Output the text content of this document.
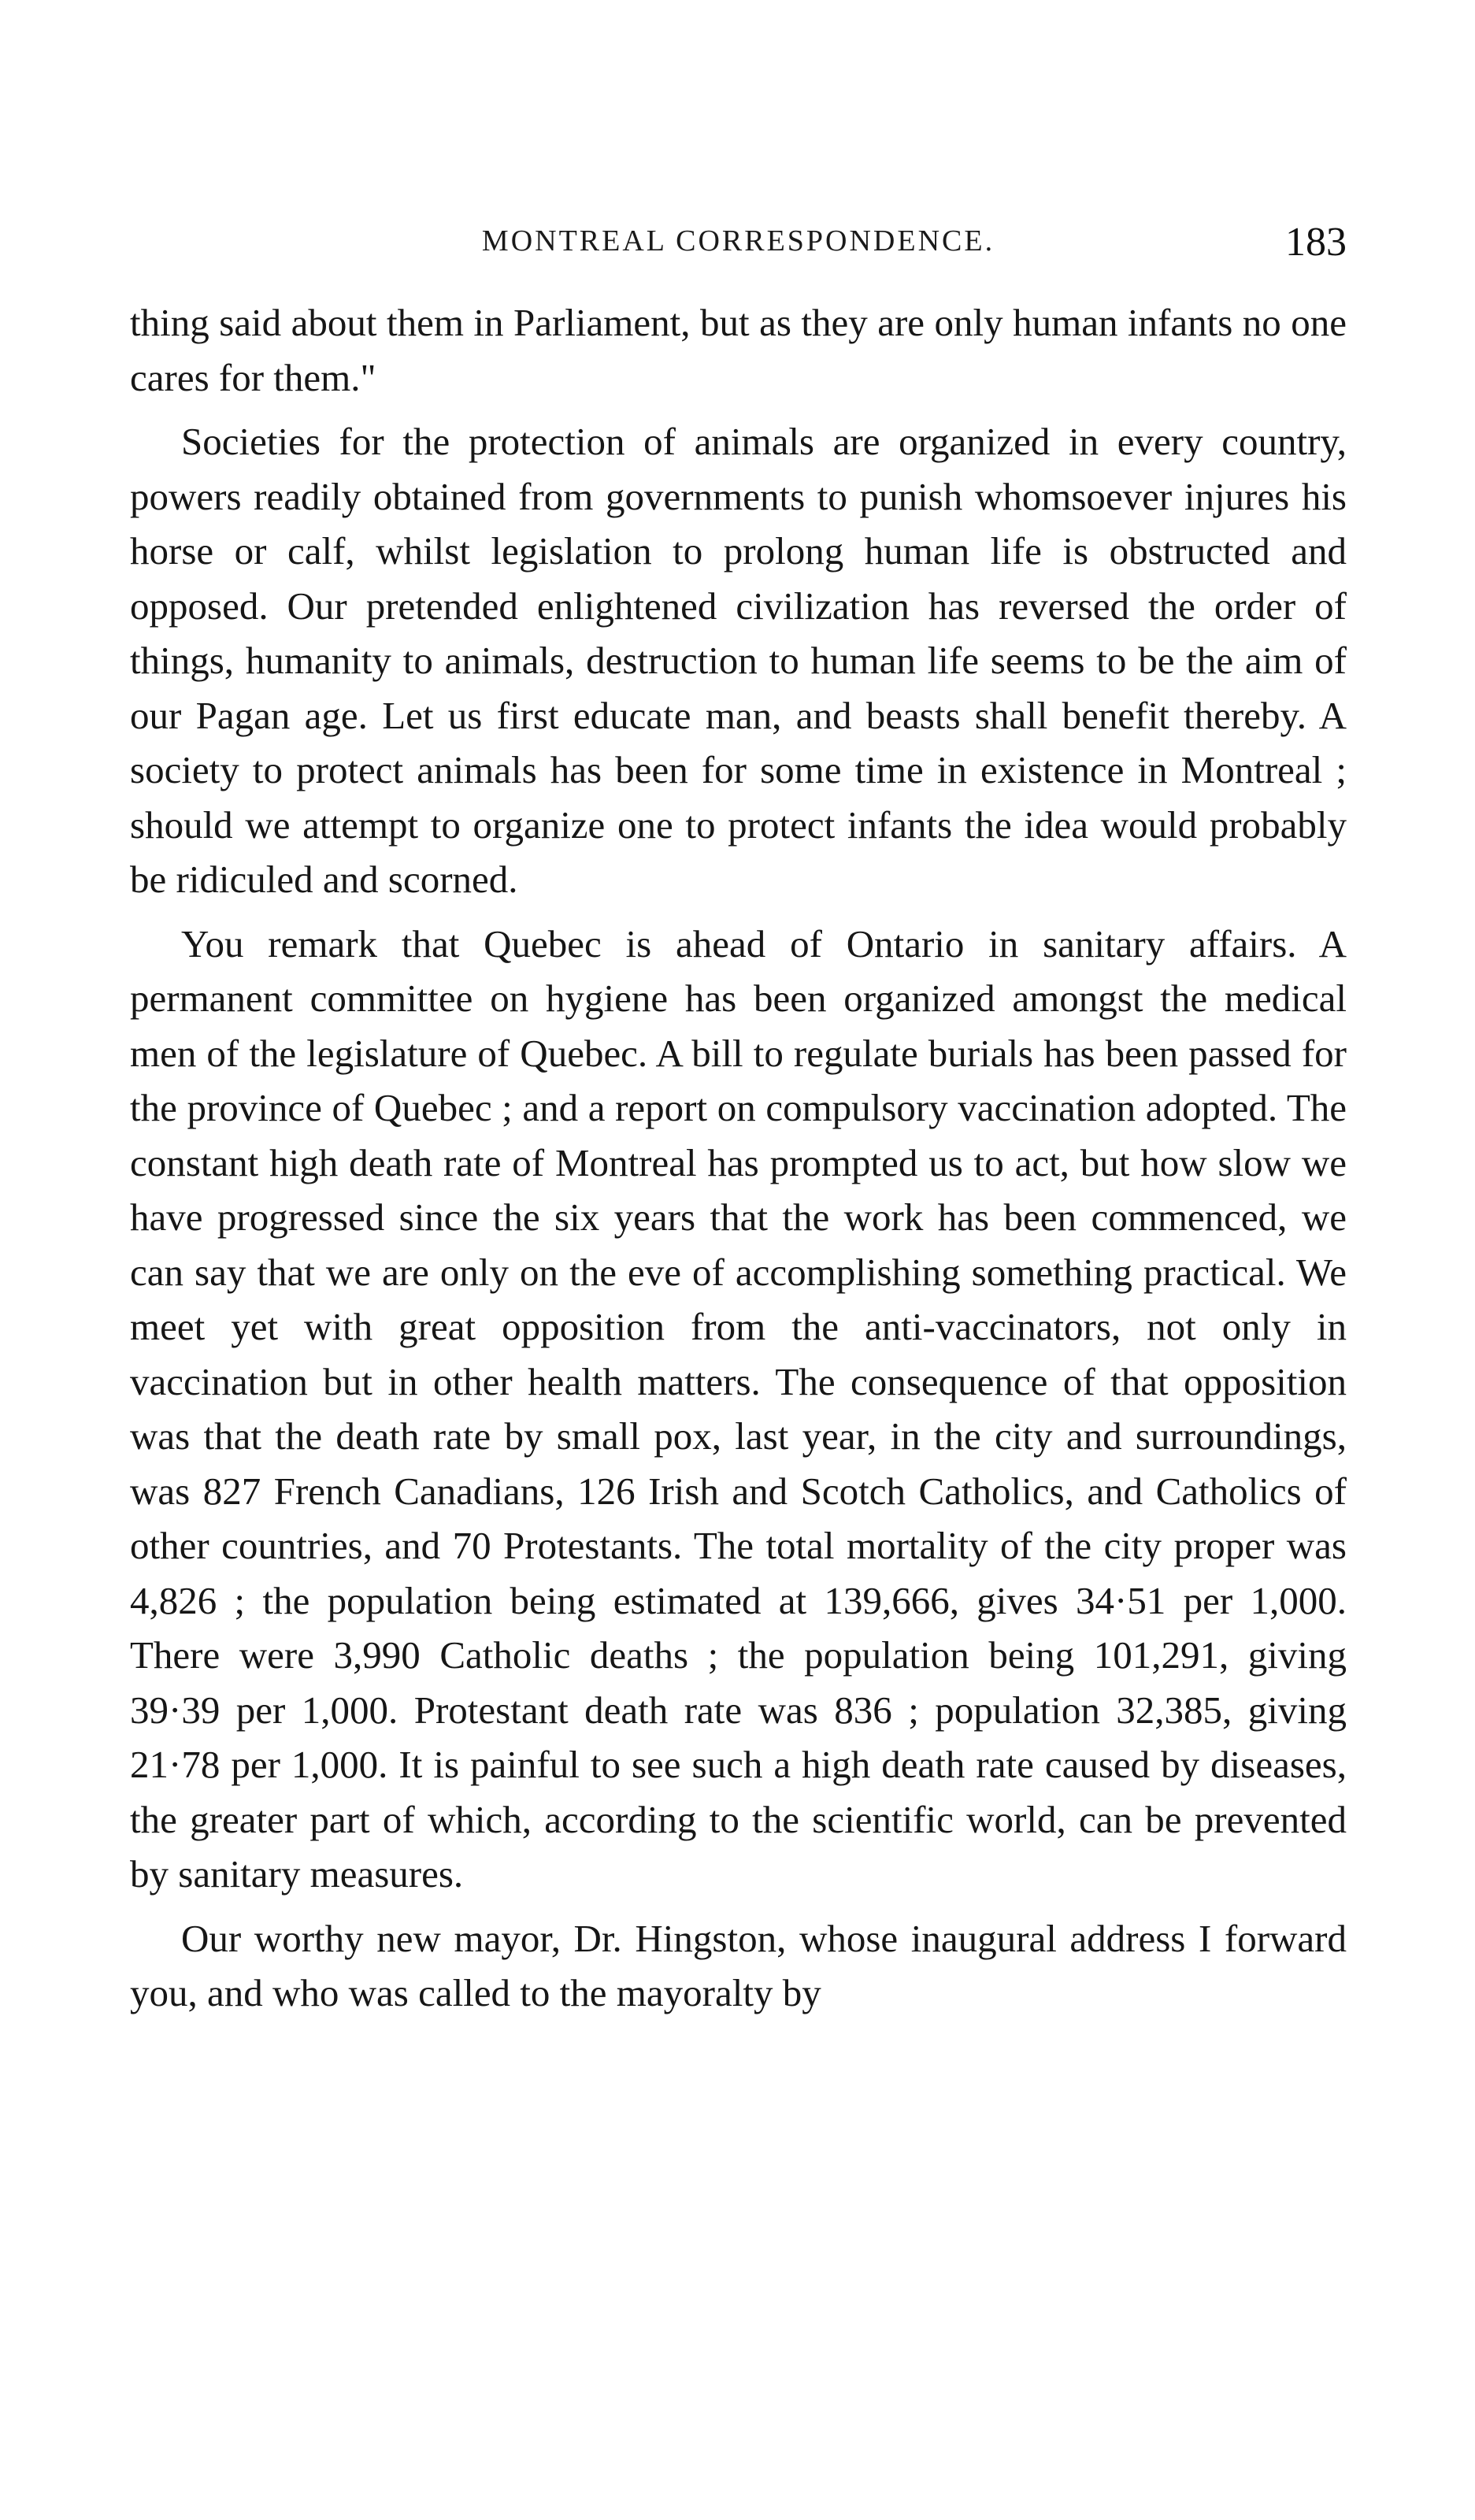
MONTREAL CORRESPONDENCE.	183

thing said about them in Parliament, but as they are only human infants no one cares for them."

Societies for the protection of animals are organized in every country, powers readily obtained from governments to punish whomsoever injures his horse or calf, whilst legislation to prolong human life is obstructed and opposed. Our pretended enlightened civilization has reversed the order of things, humanity to animals, destruction to human life seems to be the aim of our Pagan age. Let us first educate man, and beasts shall benefit thereby. A society to protect animals has been for some time in existence in Montreal ; should we attempt to organize one to protect infants the idea would probably be ridiculed and scorned.

You remark that Quebec is ahead of Ontario in sanitary affairs. A permanent committee on hygiene has been organized amongst the medical men of the legislature of Quebec. A bill to regulate burials has been passed for the province of Quebec ; and a report on compulsory vaccination adopted. The constant high death rate of Montreal has prompted us to act, but how slow we have progressed since the six years that the work has been commenced, we can say that we are only on the eve of accomplishing something practical. We meet yet with great opposition from the anti-vaccinators, not only in vaccination but in other health matters. The consequence of that opposition was that the death rate by small pox, last year, in the city and surroundings, was 827 French Canadians, 126 Irish and Scotch Catholics, and Catholics of other countries, and 70 Protestants. The total mortality of the city proper was 4,826 ; the population being estimated at 139,666, gives 34·51 per 1,000. There were 3,990 Catholic deaths ; the population being 101,291, giving 39·39 per 1,000. Protestant death rate was 836 ; population 32,385, giving 21·78 per 1,000. It is painful to see such a high death rate caused by diseases, the greater part of which, according to the scientific world, can be prevented by sanitary measures.

Our worthy new mayor, Dr. Hingston, whose inaugural address I forward you, and who was called to the mayoralty by
